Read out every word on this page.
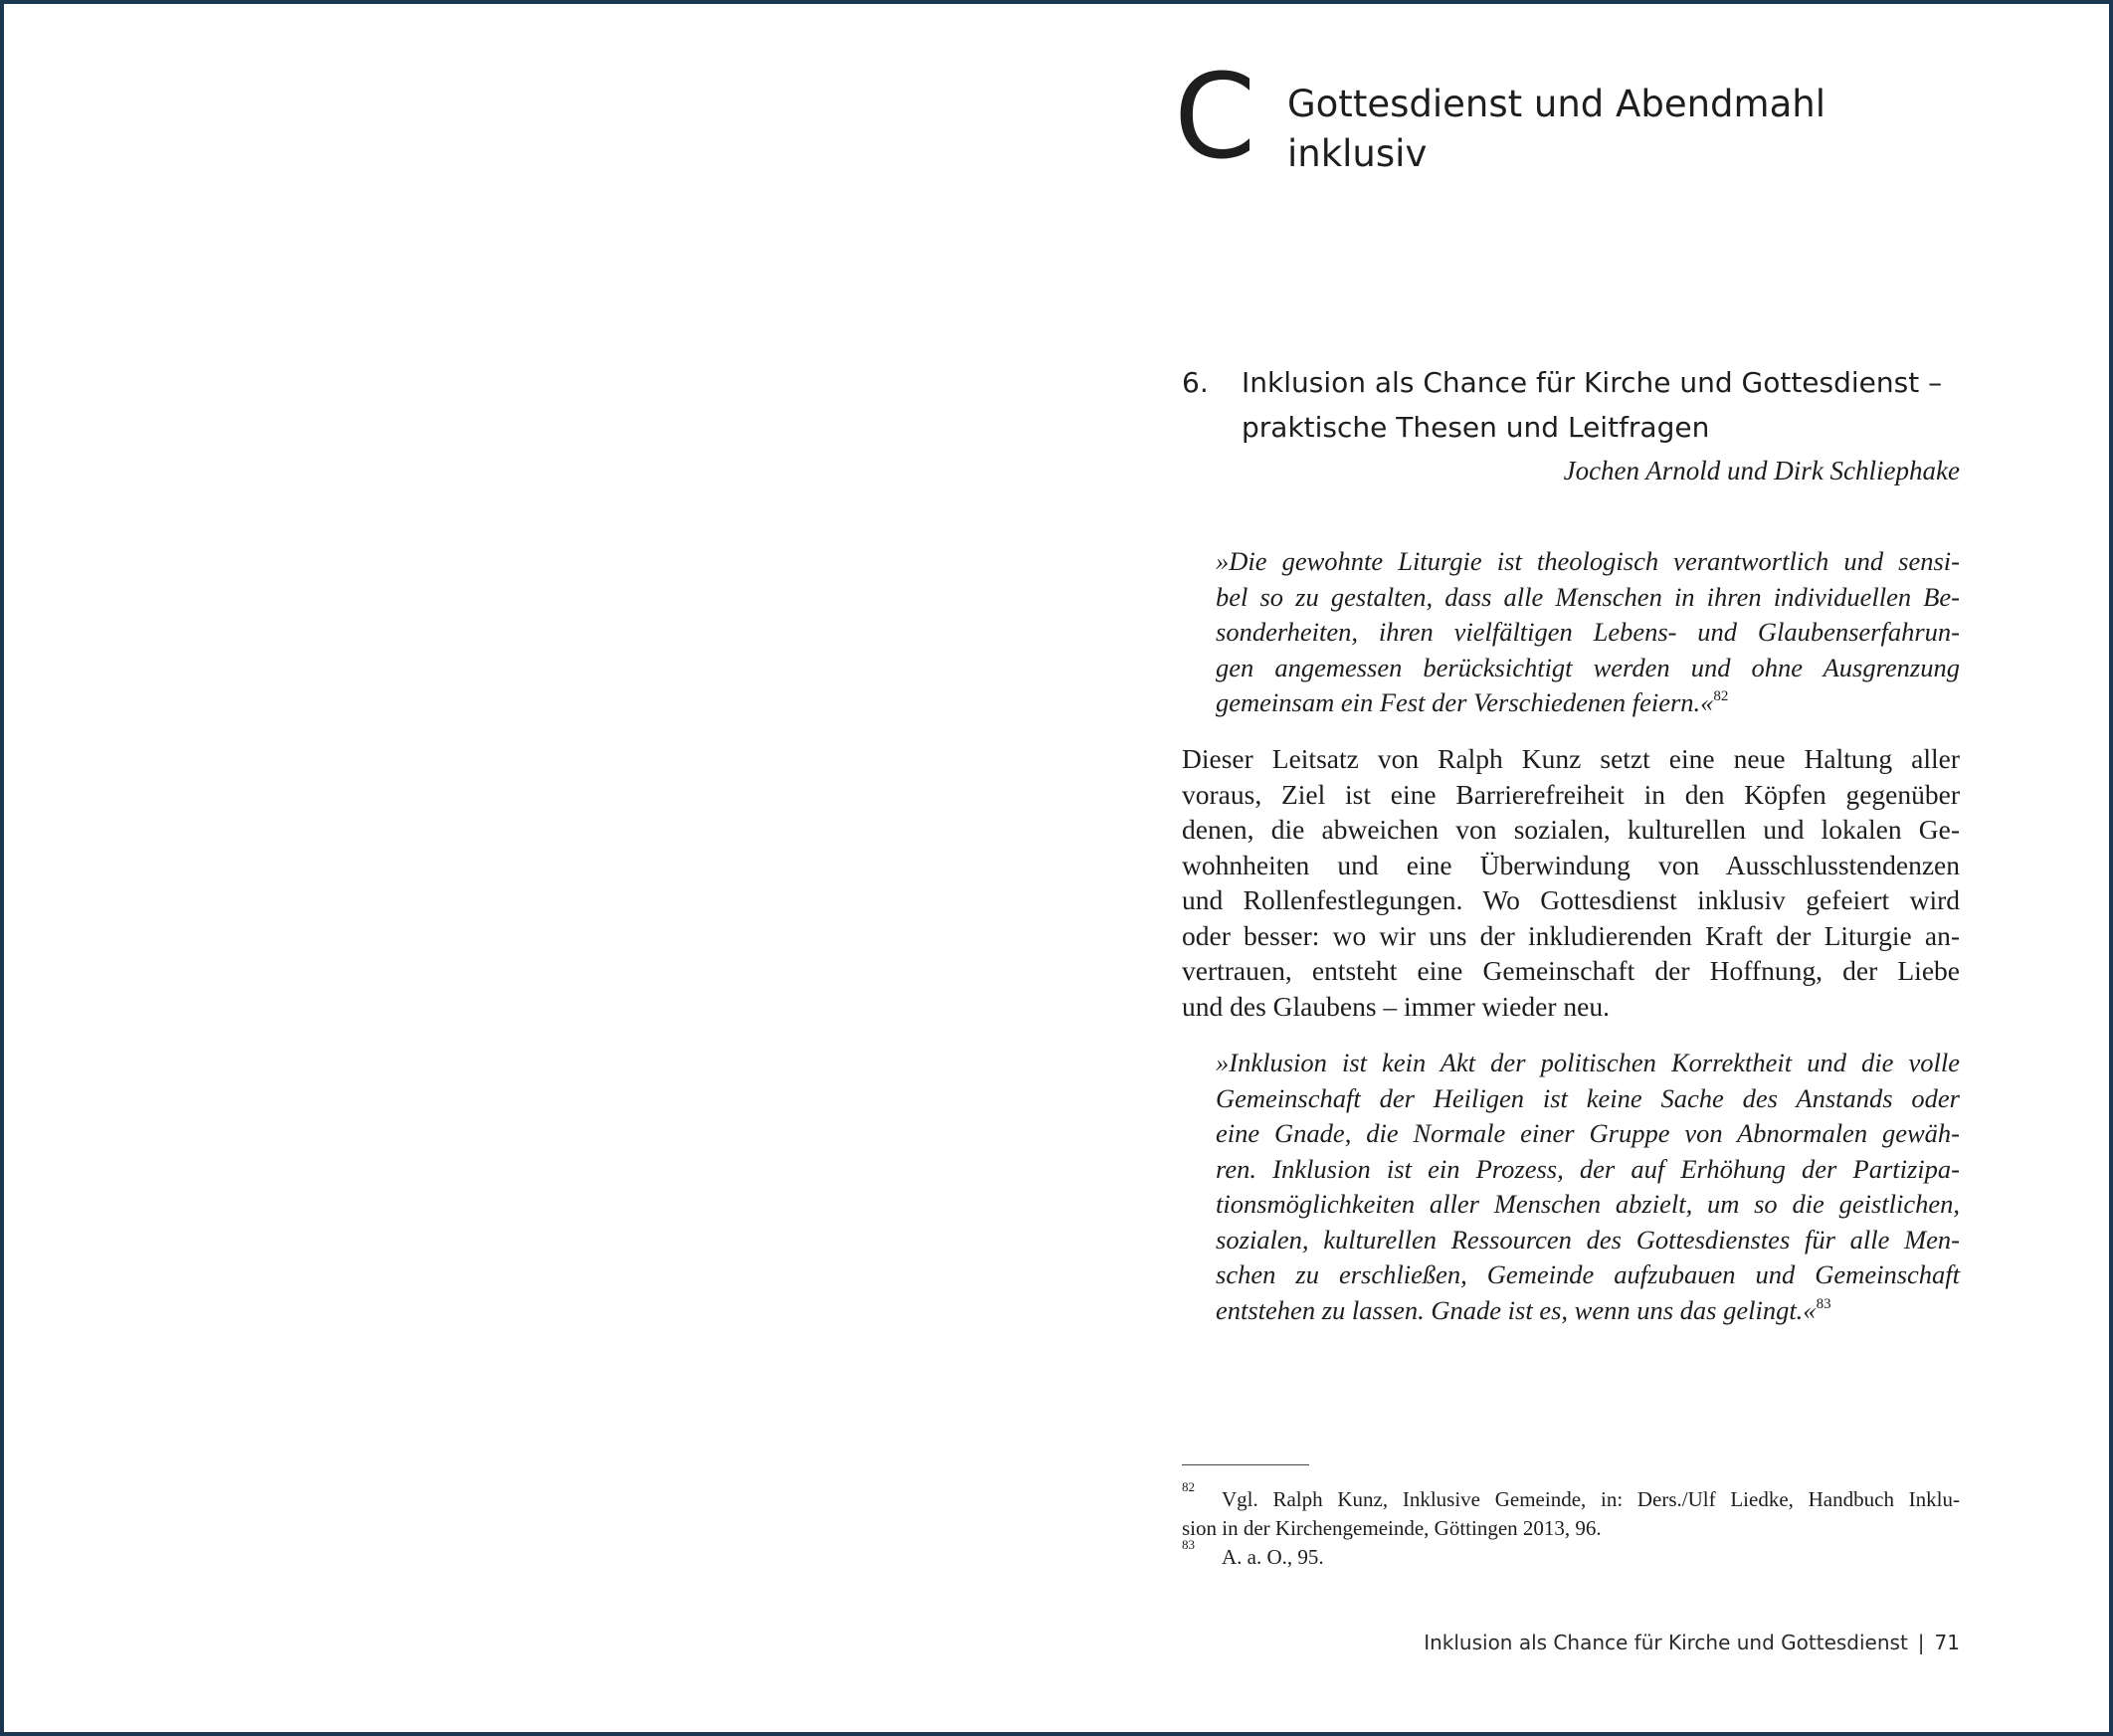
C Gottesdienst und Abendmahl
inklusiv
6. Inklusion als Chance für Kirche und Gottesdienst –
praktische Thesen und Leitfragen
Jochen Arnold und Dirk Schliephake
»Die gewohnte Liturgie ist theologisch verantwortlich und sensi-
bel so zu gestalten, dass alle Menschen in ihren individuellen Be-
sonderheiten, ihren vielfältigen Lebens- und Glaubenserfahrun-
gen angemessen berücksichtigt werden und ohne Ausgrenzung
gemeinsam ein Fest der Verschiedenen feiern.«$^{82}$
Dieser Leitsatz von Ralph Kunz setzt eine neue Haltung aller
voraus, Ziel ist eine Barrierefreiheit in den Köpfen gegenüber
denen, die abweichen von sozialen, kulturellen und lokalen Ge-
wohnheiten und eine Überwindung von Ausschlusstendenzen
und Rollenfestlegungen. Wo Gottesdienst inklusiv gefeiert wird
oder besser: wo wir uns der inkludierenden Kraft der Liturgie an-
vertrauen, entsteht eine Gemeinschaft der Hoffnung, der Liebe
und des Glaubens – immer wieder neu.
»Inklusion ist kein Akt der politischen Korrektheit und die volle
Gemeinschaft der Heiligen ist keine Sache des Anstands oder
eine Gnade, die Normale einer Gruppe von Abnormalen gewäh-
ren. Inklusion ist ein Prozess, der auf Erhöhung der Partizipa-
tionsmöglichkeiten aller Menschen abzielt, um so die geistlichen,
sozialen, kulturellen Ressourcen des Gottesdienstes für alle Men-
schen zu erschließen, Gemeinde aufzubauen und Gemeinschaft
entstehen zu lassen. Gnade ist es, wenn uns das gelingt.«$^{83}$
82
Vgl. Ralph Kunz, Inklusive Gemeinde, in: Ders./Ulf Liedke, Handbuch Inklu-
sion in der Kirchengemeinde, Göttingen 2013, 96.
83
A. a. O., 95.
Inklusion als Chance für Kirche und Gottesdienst | 71
